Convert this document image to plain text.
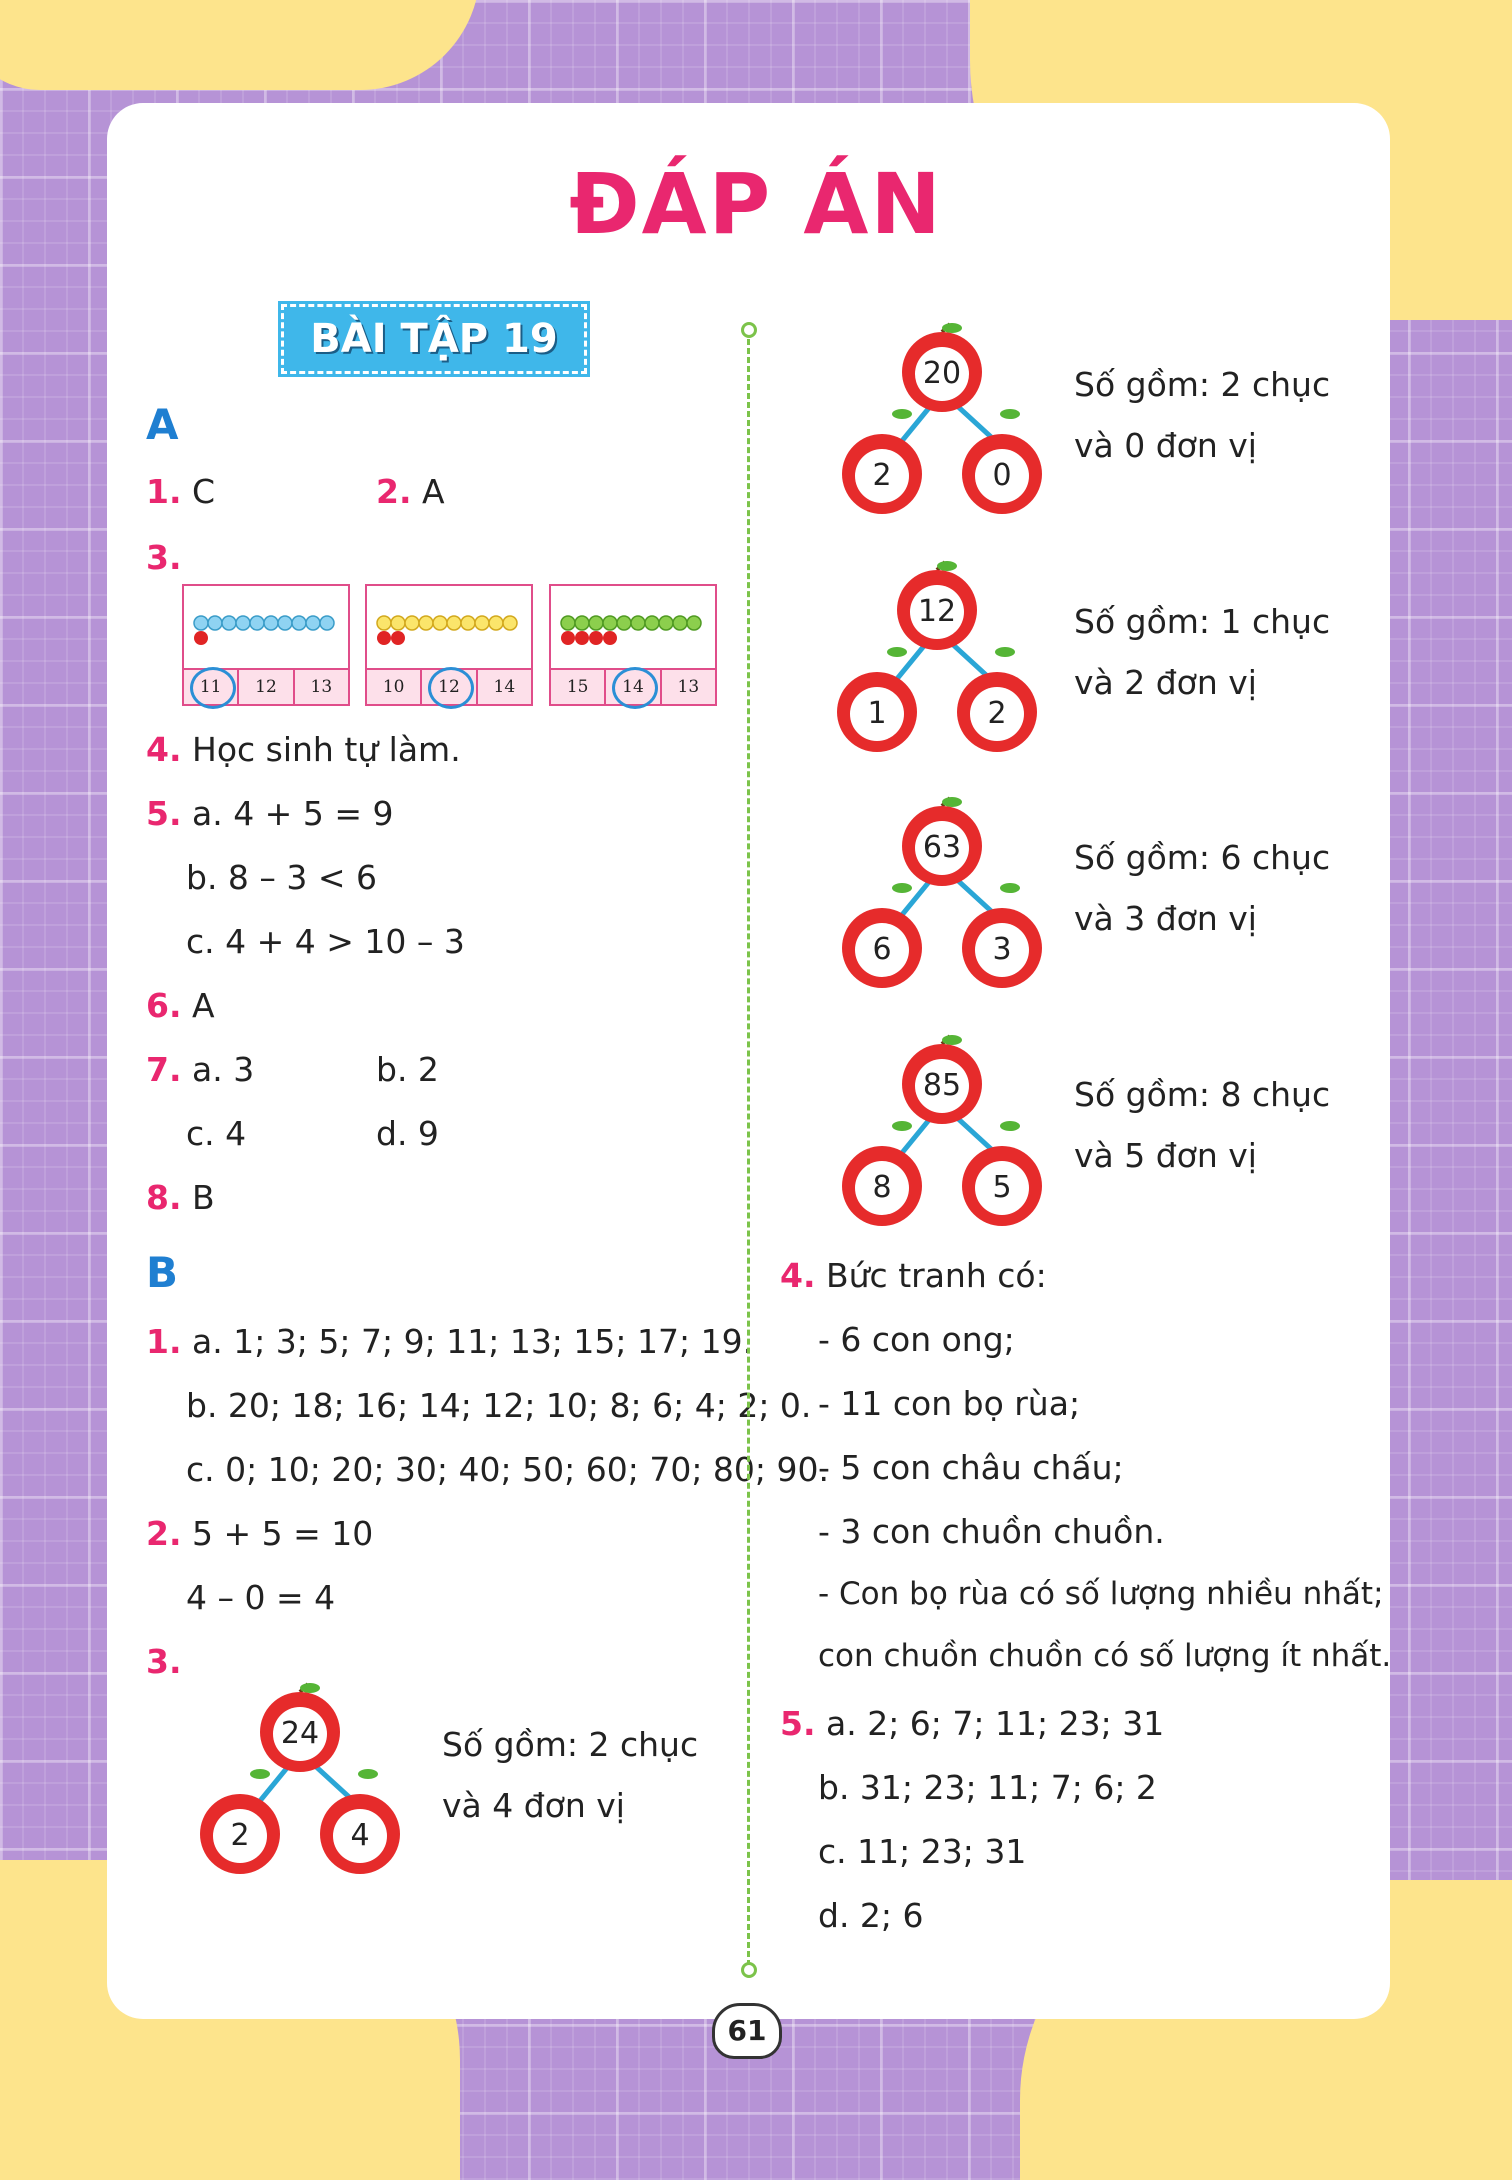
ĐÁP ÁN
BÀI TẬP 19
A
1. C	2. A
3.
11	12	13	10	12	14	15	14	13
4. Học sinh tự làm.
5. a. 4 + 5 = 9
b. 8 – 3 < 6
c. 4 + 4 > 10 – 3
6. A
7. a. 3	b. 2
c. 4	d. 9
8. B
B
1. a. 1; 3; 5; 7; 9; 11; 13; 15; 17; 19.
b. 20; 18; 16; 14; 12; 10; 8; 6; 4; 2; 0.
c. 0; 10; 20; 30; 40; 50; 60; 70; 80; 90.
2. 5 + 5 = 10
4 – 0 = 4
3.
24
2	4
Số gồm: 2 chục
và 4 đơn vị
20
2	0
Số gồm: 2 chục
và 0 đơn vị
12
1	2
Số gồm: 1 chục
và 2 đơn vị
63
6	3
Số gồm: 6 chục
và 3 đơn vị
85
8	5
Số gồm: 8 chục
và 5 đơn vị
4. Bức tranh có:
- 6 con ong;
- 11 con bọ rùa;
- 5 con châu chấu;
- 3 con chuồn chuồn.
- Con bọ rùa có số lượng nhiều nhất;
con chuồn chuồn có số lượng ít nhất.
5. a. 2; 6; 7; 11; 23; 31
b. 31; 23; 11; 7; 6; 2
c. 11; 23; 31
d. 2; 6
61
